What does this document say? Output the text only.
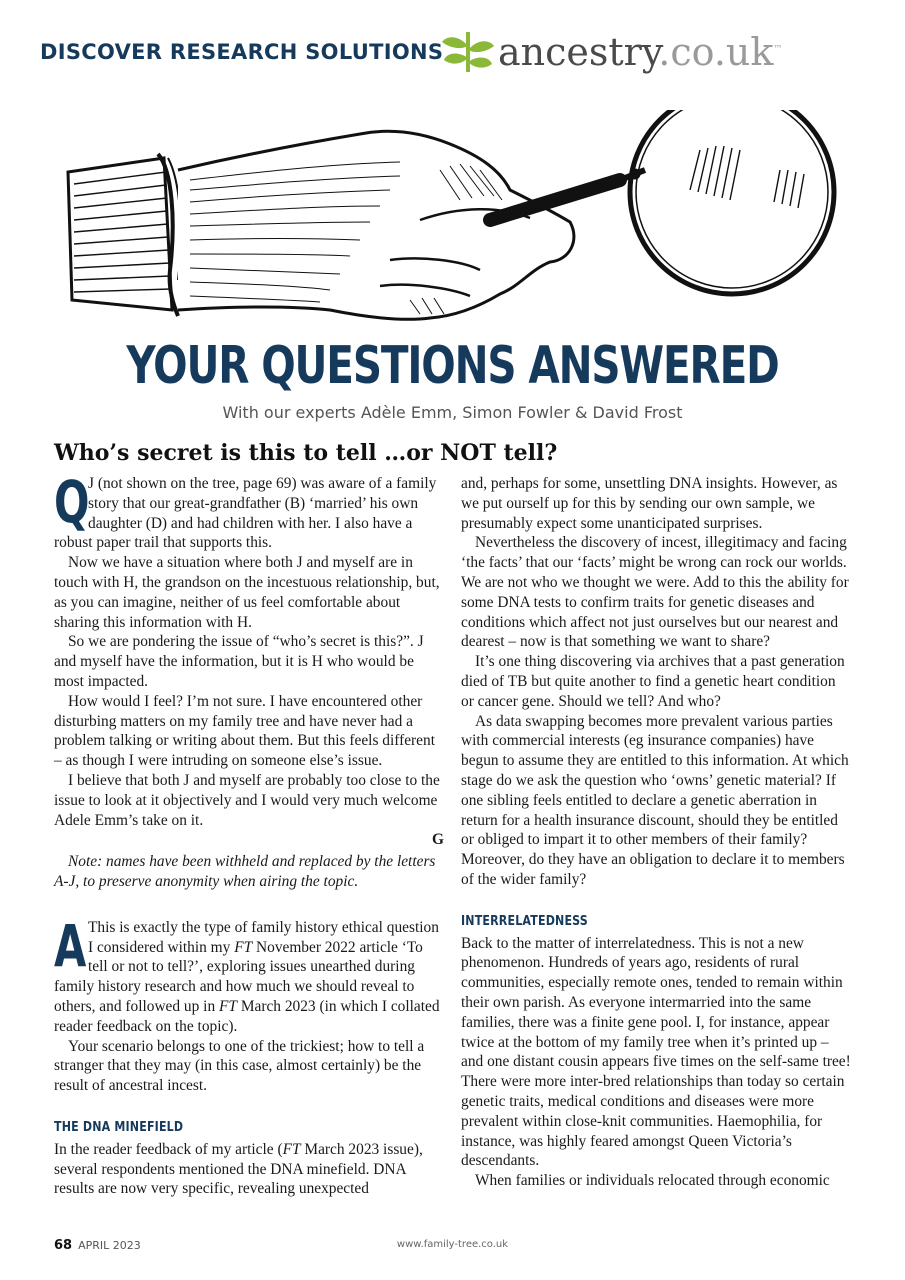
DISCOVER RESEARCH SOLUTIONS ancestry.co.uk™
YOUR QUESTIONS ANSWERED
With our experts Adèle Emm, Simon Fowler & David Frost
Who’s secret is this to tell …or NOT tell?
Q

J (not shown on the tree, page 69) was aware of a family story that our great-grandfather (B) ‘married’ his own daughter (D) and had children with her. I also have a robust paper trail that supports this.

Now we have a situation where both J and myself are in touch with H, the grandson on the incestuous relationship, but, as you can imagine, neither of us feel comfortable about sharing this information with H.

So we are pondering the issue of “who’s secret is this?”. J and myself have the information, but it is H who would be most impacted.

How would I feel? I’m not sure. I have encountered other disturbing matters on my family tree and have never had a problem talking or writing about them. But this feels different – as though I were intruding on someone else’s issue.

I believe that both J and myself are probably too close to the issue to look at it objectively and I would very much welcome Adele Emm’s take on it.

G

Note: names have been withheld and replaced by the letters A-J, to preserve anonymity when airing the topic.

A This is exactly the type of family history ethical question I considered within my FT November 2022 article ‘To tell or not to tell?’, exploring issues unearthed during family history research and how much we should reveal to others, and followed up in FT March 2023 (in which I collated reader feedback on the topic).

Your scenario belongs to one of the trickiest; how to tell a stranger that they may (in this case, almost certainly) be the result of ancestral incest.

THE DNA MINEFIELD

In the reader feedback of my article (FT March 2023 issue), several respondents mentioned the DNA minefield. DNA results are now very specific, revealing unexpected

and, perhaps for some, unsettling DNA insights. However, as we put ourself up for this by sending our own sample, we presumably expect some unanticipated surprises.

Nevertheless the discovery of incest, illegitimacy and facing ‘the facts’ that our ‘facts’ might be wrong can rock our worlds. We are not who we thought we were. Add to this the ability for some DNA tests to confirm traits for genetic diseases and conditions which affect not just ourselves but our nearest and dearest – now is that something we want to share?

It’s one thing discovering via archives that a past generation died of TB but quite another to find a genetic heart condition or cancer gene. Should we tell? And who?

As data swapping becomes more prevalent various parties with commercial interests (eg insurance companies) have begun to assume they are entitled to this information. At which stage do we ask the question who ‘owns’ genetic material? If one sibling feels entitled to declare a genetic aberration in return for a health insurance discount, should they be entitled or obliged to impart it to other members of their family? Moreover, do they have an obligation to declare it to members of the wider family?

INTERRELATEDNESS

Back to the matter of interrelatedness. This is not a new phenomenon. Hundreds of years ago, residents of rural communities, especially remote ones, tended to remain within their own parish. As everyone intermarried into the same families, there was a finite gene pool. I, for instance, appear twice at the bottom of my family tree when it’s printed up – and one distant cousin appears five times on the self-same tree! There were more inter-bred relationships than today so certain genetic traits, medical conditions and diseases were more prevalent within close-knit communities. Haemophilia, for instance, was highly feared amongst Queen Victoria’s descendants.

When families or individuals relocated through economic

68 APRIL 2023	www.family-tree.co.uk
